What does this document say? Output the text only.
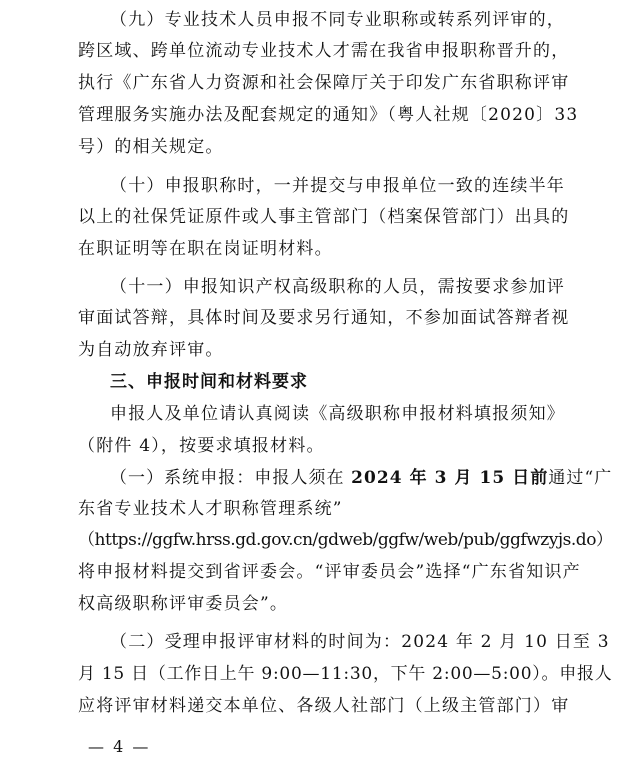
（九）专业技术人员申报不同专业职称或转系列评审的，
跨区域、跨单位流动专业技术人才需在我省申报职称晋升的，
执行《广东省人力资源和社会保障厅关于印发广东省职称评审
管理服务实施办法及配套规定的通知》（粤人社规〔2020〕33
号）的相关规定。
（十）申报职称时，一并提交与申报单位一致的连续半年
以上的社保凭证原件或人事主管部门（档案保管部门）出具的
在职证明等在职在岗证明材料。
（十一）申报知识产权高级职称的人员，需按要求参加评
审面试答辩，具体时间及要求另行通知，不参加面试答辩者视
为自动放弃评审。
三、申报时间和材料要求
申报人及单位请认真阅读《高级职称申报材料填报须知》
（附件 4），按要求填报材料。
（一）系统申报：申报人须在 2024 年 3 月 15 日前通过“广
东省专业技术人才职称管理系统”
（https://ggfw.hrss.gd.gov.cn/gdweb/ggfw/web/pub/ggfwzyjs.do）
将申报材料提交到省评委会。“评审委员会”选择“广东省知识产
权高级职称评审委员会”。
（二）受理申报评审材料的时间为：2024 年 2 月 10 日至 3
月 15 日（工作日上午 9:00—11:30，下午 2:00—5:00）。申报人
应将评审材料递交本单位、各级人社部门（上级主管部门）审
— 4 —
